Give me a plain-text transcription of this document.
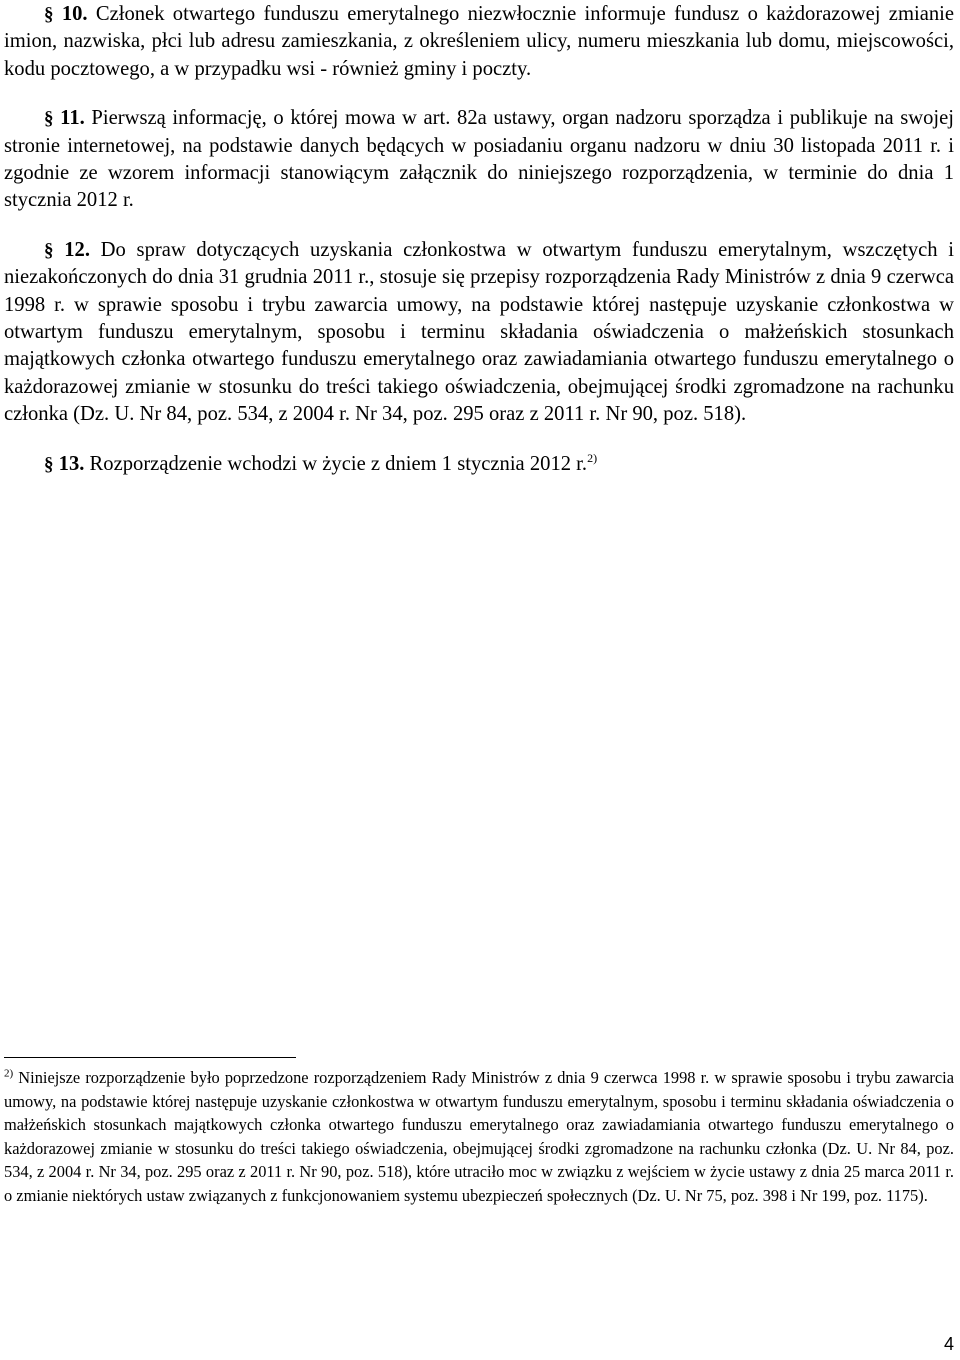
§ 10. Członek otwartego funduszu emerytalnego niezwłocznie informuje fundusz o każdorazowej zmianie imion, nazwiska, płci lub adresu zamieszkania, z określeniem ulicy, numeru mieszkania lub domu, miejscowości, kodu pocztowego, a w przypadku wsi - również gminy i poczty.

§ 11. Pierwszą informację, o której mowa w art. 82a ustawy, organ nadzoru sporządza i publikuje na swojej stronie internetowej, na podstawie danych będących w posiadaniu organu nadzoru w dniu 30 listopada 2011 r. i zgodnie ze wzorem informacji stanowiącym załącznik do niniejszego rozporządzenia, w terminie do dnia 1 stycznia 2012 r.

§ 12. Do spraw dotyczących uzyskania członkostwa w otwartym funduszu emerytalnym, wszczętych i niezakończonych do dnia 31 grudnia 2011 r., stosuje się przepisy rozporządzenia Rady Ministrów z dnia 9 czerwca 1998 r. w sprawie sposobu i trybu zawarcia umowy, na podstawie której następuje uzyskanie członkostwa w otwartym funduszu emerytalnym, sposobu i terminu składania oświadczenia o małżeńskich stosunkach majątkowych członka otwartego funduszu emerytalnego oraz zawiadamiania otwartego funduszu emerytalnego o każdorazowej zmianie w stosunku do treści takiego oświadczenia, obejmującej środki zgromadzone na rachunku członka (Dz. U. Nr 84, poz. 534, z 2004 r. Nr 34, poz. 295 oraz z 2011 r. Nr 90, poz. 518).

§ 13. Rozporządzenie wchodzi w życie z dniem 1 stycznia 2012 r.$^{2)}$

$^{2)}$ Niniejsze rozporządzenie było poprzedzone rozporządzeniem Rady Ministrów z dnia 9 czerwca 1998 r. w sprawie sposobu i trybu zawarcia umowy, na podstawie której następuje uzyskanie członkostwa w otwartym funduszu emerytalnym, sposobu i terminu składania oświadczenia o małżeńskich stosunkach majątkowych członka otwartego funduszu emerytalnego oraz zawiadamiania otwartego funduszu emerytalnego o każdorazowej zmianie w stosunku do treści takiego oświadczenia, obejmującej środki zgromadzone na rachunku członka (Dz. U. Nr 84, poz. 534, z 2004 r. Nr 34, poz. 295 oraz z 2011 r. Nr 90, poz. 518), które utraciło moc w związku z wejściem w życie ustawy z dnia 25 marca 2011 r. o zmianie niektórych ustaw związanych z funkcjonowaniem systemu ubezpieczeń społecznych (Dz. U. Nr 75, poz. 398 i Nr 199, poz. 1175).

4
